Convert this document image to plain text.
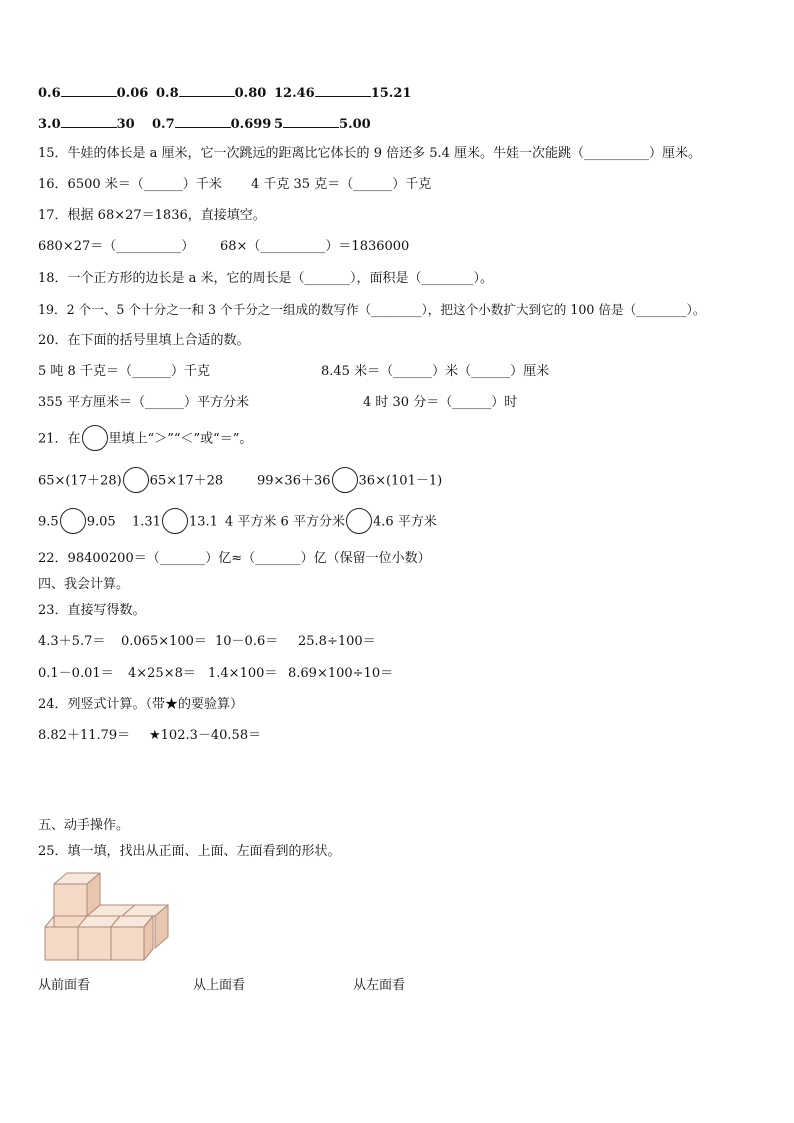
0.6	0.06 0.8	0.80 12.46	15.21
3.0	30 0.7	0.699 5	5.00
15．牛娃的体长是 a 厘米，它一次跳远的距离比它体长的 9 倍还多 5.4 厘米。牛娃一次能跳（__________）厘米。
16．6500 米＝（______）千米 4 千克 35 克＝（______）千克
17．根据 68×27＝1836，直接填空。
680×27＝（__________） 68×（__________）＝1836000
18．一个正方形的边长是 a 米，它的周长是（_______），面积是（________）。
19．2 个一、5 个十分之一和 3 个千分之一组成的数写作（________），把这个小数扩大到它的 100 倍是（________）。
20．在下面的括号里填上合适的数。
5 吨 8 千克＝（______）千克	8.45 米＝（______）米（______）厘米
355 平方厘米＝（______）平方分米	4 时 30 分＝（______）时
21．在 里填上“＞”“＜”或“＝”。
65×(17＋28) 65×17＋28	99×36＋36 36×(101－1)
9.5 9.05 1.31 13.1 4 平方米 6 平方分米 4.6 平方米
22．98400200＝（_______）亿≈（_______）亿（保留一位小数）
四、我会计算。
23．直接写得数。
4.3＋5.7＝ 0.065×100＝ 10－0.6＝ 25.8÷100＝
0.1－0.01＝ 4×25×8＝ 1.4×100＝ 8.69×100÷10＝
24．列竖式计算。（带★的要验算）
8.82＋11.79＝ ★102.3－40.58＝
五、动手操作。
25．填一填，找出从正面、上面、左面看到的形状。
从前面看	从上面看	从左面看
